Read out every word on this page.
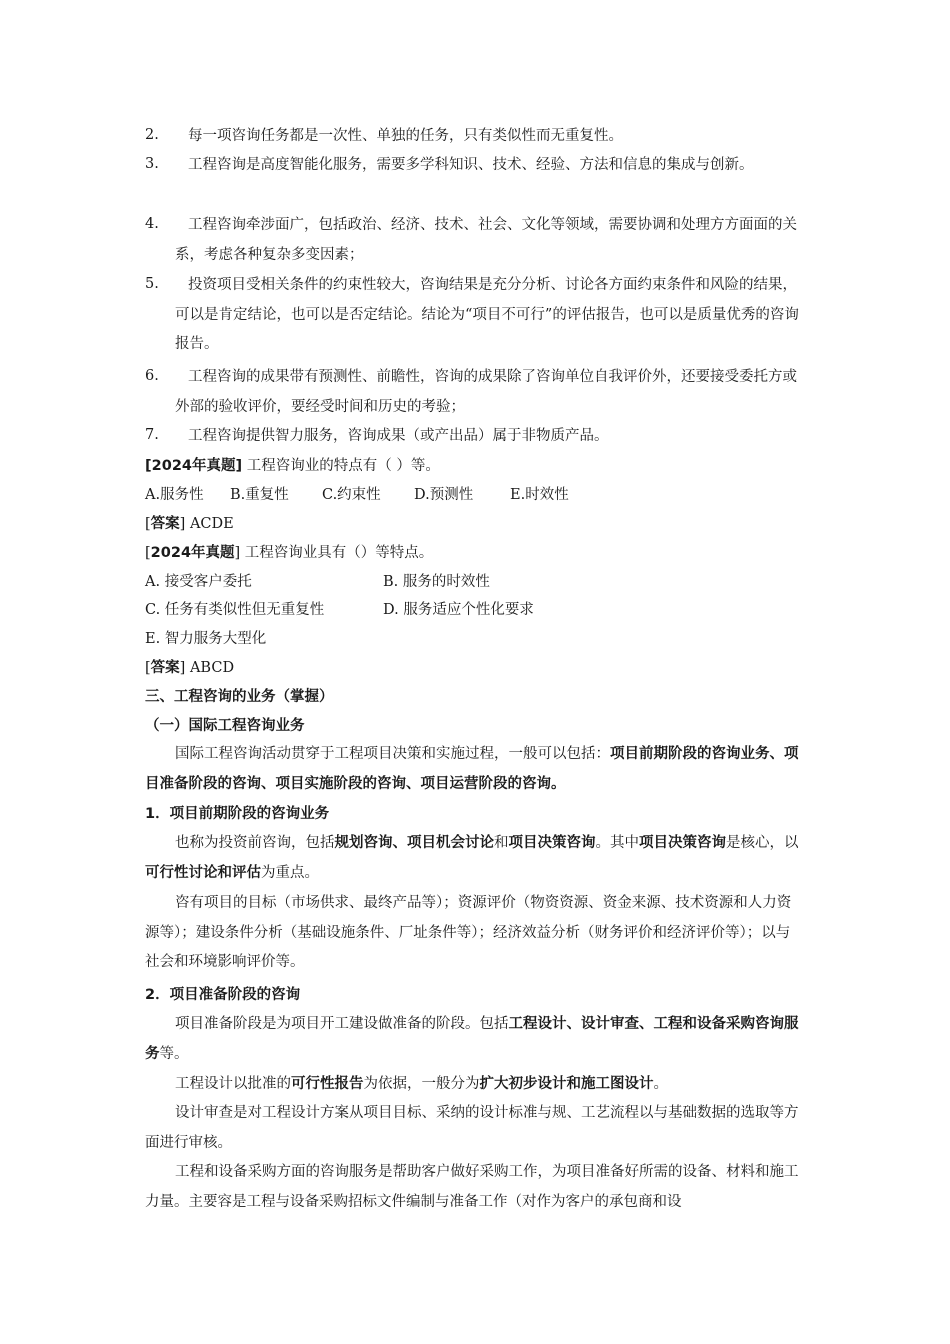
2.	每一项咨询任务都是一次性、单独的任务，只有类似性而无重复性。
3.	工程咨询是高度智能化服务，需要多学科知识、技术、经验、方法和信息的集成与创新。
4.	工程咨询牵涉面广，包括政治、经济、技术、社会、文化等领域，需要协调和处理方方面面的关系，考虑各种复杂多变因素；
5.	投资项目受相关条件的约束性较大，咨询结果是充分分析、讨论各方面约束条件和风险的结果，可以是肯定结论，也可以是否定结论。结论为“项目不可行”的评估报告，也可以是质量优秀的咨询报告。
6.	工程咨询的成果带有预测性、前瞻性，咨询的成果除了咨询单位自我评价外，还要接受委托方或外部的验收评价，要经受时间和历史的考验；
7.	工程咨询提供智力服务，咨询成果（或产出品）属于非物质产品。
[2024年真题] 工程咨询业的特点有（ ）等。
A.服务性 B.重复性 C.约束性 D.预测性	E.时效性
[答案] ACDE
[2024年真题] 工程咨询业具有（）等特点。
A. 接受客户委托	B. 服务的时效性
C. 任务有类似性但无重复性	D. 服务适应个性化要求
E. 智力服务大型化
[答案] ABCD
三、工程咨询的业务（掌握）
（一）国际工程咨询业务
国际工程咨询活动贯穿于工程项目决策和实施过程，一般可以包括：项目前期阶段的咨询业务、项目准备阶段的咨询、项目实施阶段的咨询、项目运营阶段的咨询。
1．项目前期阶段的咨询业务
也称为投资前咨询，包括规划咨询、项目机会讨论和项目决策咨询。其中项目决策咨询是核心，以可行性讨论和评估为重点。
咨有项目的目标（市场供求、最终产品等）；资源评价（物资资源、资金来源、技术资源和人力资源等）；建设条件分析（基础设施条件、厂址条件等）；经济效益分析（财务评价和经济评价等）；以与社会和环境影响评价等。
2．项目准备阶段的咨询
项目准备阶段是为项目开工建设做准备的阶段。包括工程设计、设计审查、工程和设备采购咨询服务等。
工程设计以批准的可行性报告为依据，一般分为扩大初步设计和施工图设计。
设计审查是对工程设计方案从项目目标、采纳的设计标准与规、工艺流程以与基础数据的选取等方面进行审核。
工程和设备采购方面的咨询服务是帮助客户做好采购工作，为项目准备好所需的设备、材料和施工力量。主要容是工程与设备采购招标文件编制与准备工作（对作为客户的承包商和设
